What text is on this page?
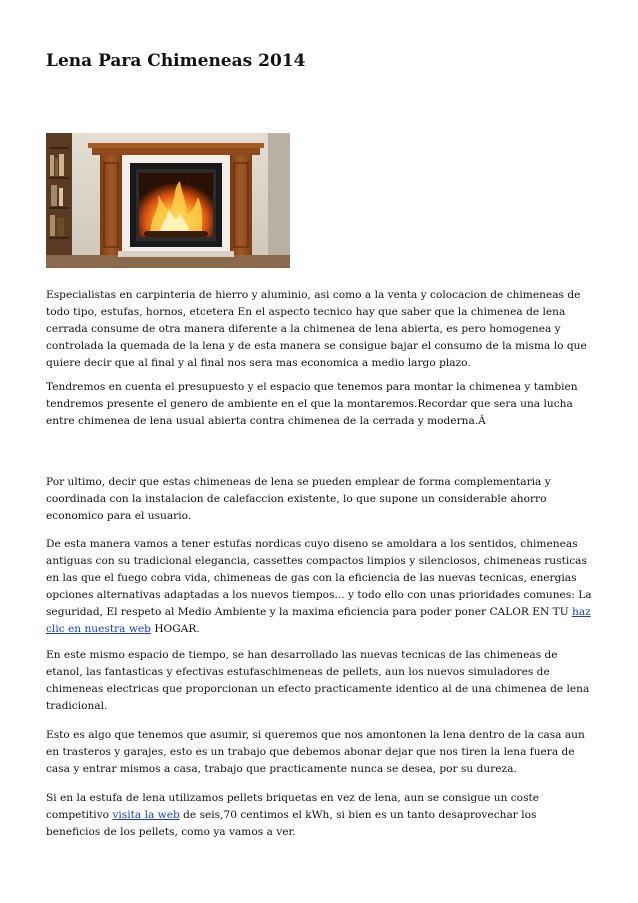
Lena Para Chimeneas 2014

Especialistas en carpinteria de hierro y aluminio, asi como a la venta y colocacion de chimeneas de todo tipo, estufas, hornos, etcetera En el aspecto tecnico hay que saber que la chimenea de lena cerrada consume de otra manera diferente a la chimenea de lena abierta, es pero homogenea y controlada la quemada de la lena y de esta manera se consigue bajar el consumo de la misma lo que quiere decir que al final y al final nos sera mas economica a medio largo plazo.

Tendremos en cuenta el presupuesto y el espacio que tenemos para montar la chimenea y tambien tendremos presente el genero de ambiente en el que la montaremos.Recordar que sera una lucha entre chimenea de lena usual abierta contra chimenea de la cerrada y moderna.Â

Por ultimo, decir que estas chimeneas de lena se pueden emplear de forma complementaria y coordinada con la instalacion de calefaccion existente, lo que supone un considerable ahorro economico para el usuario.

De esta manera vamos a tener estufas nordicas cuyo diseno se amoldara a los sentidos, chimeneas antiguas con su tradicional elegancia, cassettes compactos limpios y silenciosos, chimeneas rusticas en las que el fuego cobra vida, chimeneas de gas con la eficiencia de las nuevas tecnicas, energias opciones alternativas adaptadas a los nuevos tiempos... y todo ello con unas prioridades comunes: La seguridad, El respeto al Medio Ambiente y la maxima eficiencia para poder poner CALOR EN TU haz clic en nuestra web HOGAR.

En este mismo espacio de tiempo, se han desarrollado las nuevas tecnicas de las chimeneas de etanol, las fantasticas y efectivas estufaschimeneas de pellets, aun los nuevos simuladores de chimeneas electricas que proporcionan un efecto practicamente identico al de una chimenea de lena tradicional.

Esto es algo que tenemos que asumir, si queremos que nos amontonen la lena dentro de la casa aun en trasteros y garajes, esto es un trabajo que debemos abonar dejar que nos tiren la lena fuera de casa y entrar mismos a casa, trabajo que practicamente nunca se desea, por su dureza.

Si en la estufa de lena utilizamos pellets briquetas en vez de lena, aun se consigue un coste competitivo visita la web de seis,70 centimos el kWh, si bien es un tanto desaprovechar los beneficios de los pellets, como ya vamos a ver.
